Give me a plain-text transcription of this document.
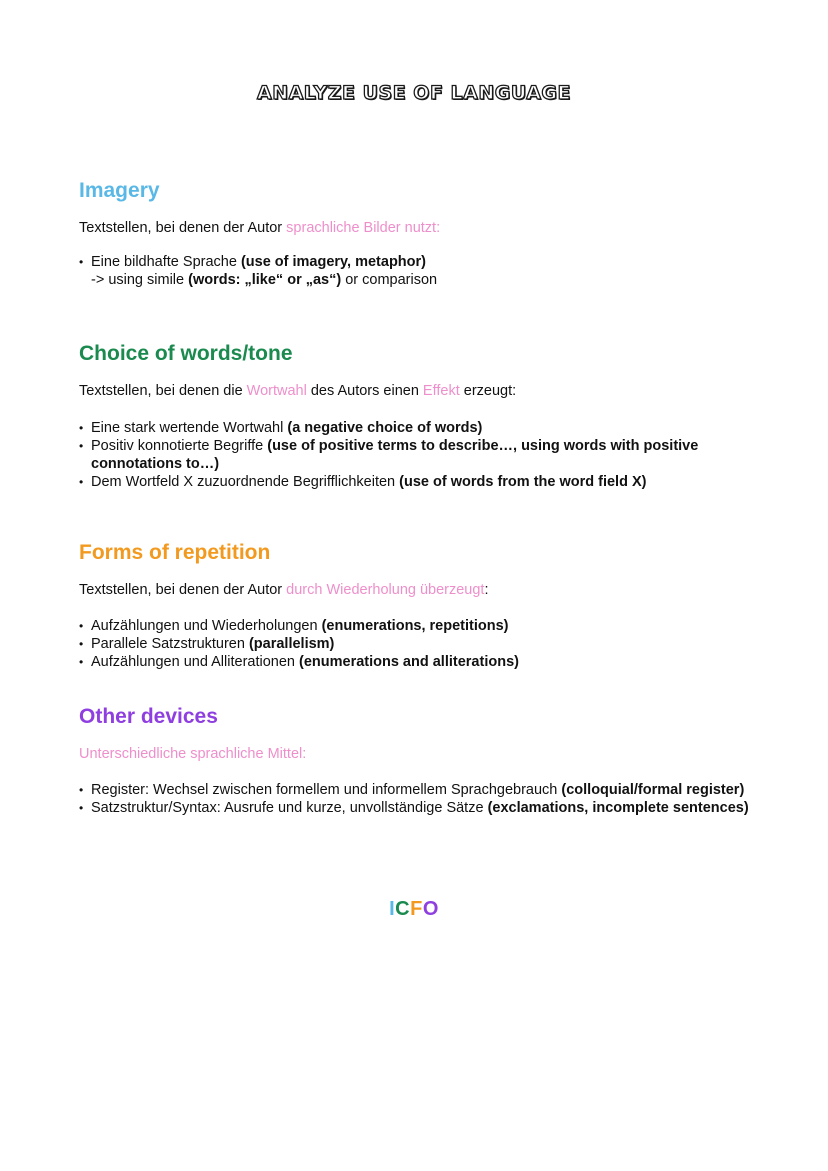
ANALYZE USE OF LANGUAGE
Imagery

Textstellen, bei denen der Autor sprachliche Bilder nutzt:

• Eine bildhafte Sprache (use of imagery, metaphor)
-> using simile (words: „like“ or „as“) or comparison
Choice of words/tone

Textstellen, bei denen die Wortwahl des Autors einen Effekt erzeugt:

• Eine stark wertende Wortwahl (a negative choice of words)
• Positiv konnotierte Begriffe (use of positive terms to describe…, using words with positive connotations to…)
• Dem Wortfeld X zuzuordnende Begrifflichkeiten (use of words from the word field X)
Forms of repetition

Textstellen, bei denen der Autor durch Wiederholung überzeugt:

• Aufzählungen und Wiederholungen (enumerations, repetitions)
• Parallele Satzstrukturen (parallelism)
• Aufzählungen und Alliterationen (enumerations and alliterations)
Other devices

Unterschiedliche sprachliche Mittel:

• Register: Wechsel zwischen formellem und informellem Sprachgebrauch (colloquial/formal register)
• Satzstruktur/Syntax: Ausrufe und kurze, unvollständige Sätze (exclamations, incomplete sentences)
ICFO
